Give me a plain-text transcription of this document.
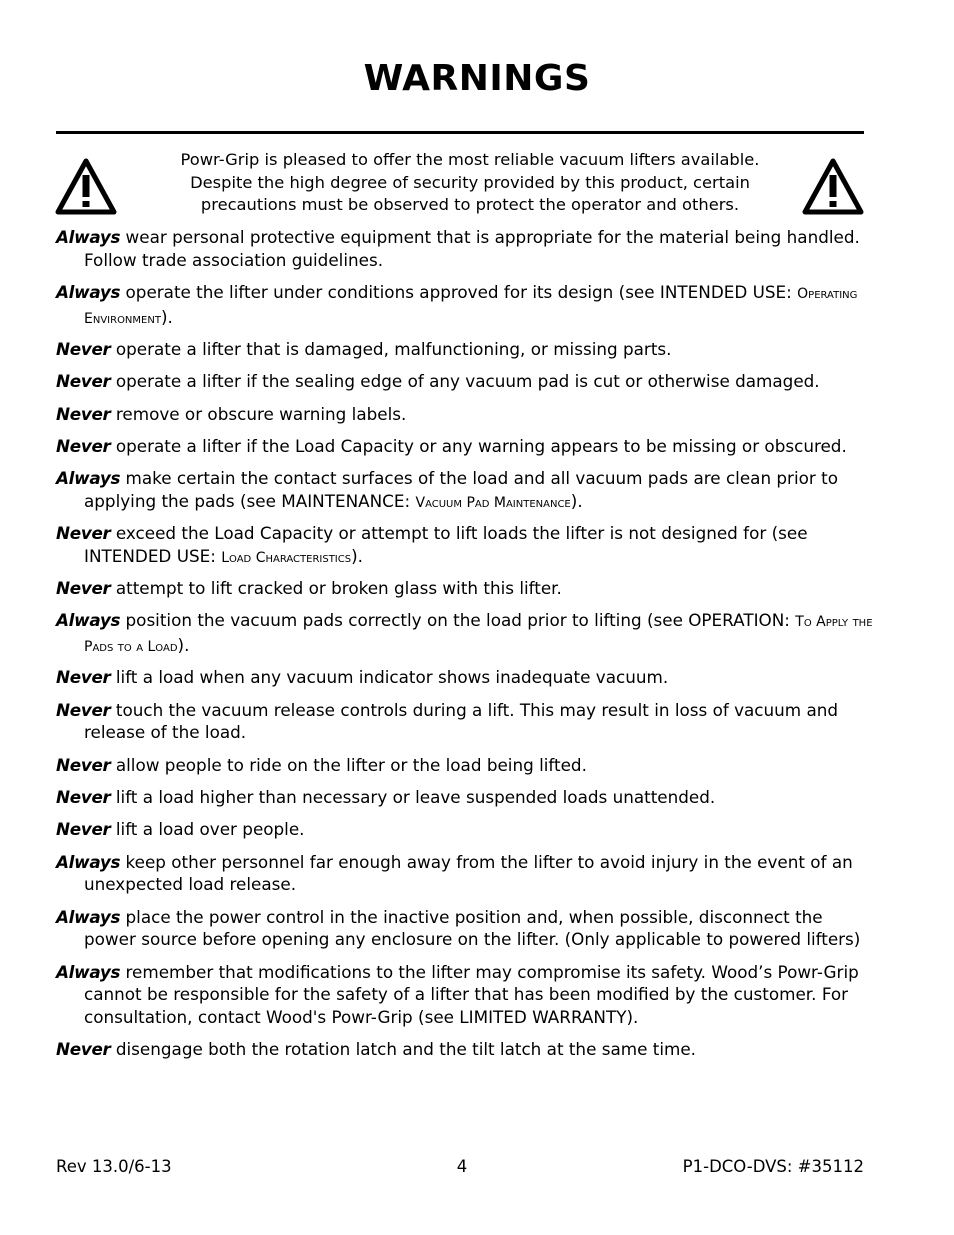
WARNINGS
Powr-Grip is pleased to offer the most reliable vacuum lifters available.
Despite the high degree of security provided by this product, certain
precautions must be observed to protect the operator and others.
Always wear personal protective equipment that is appropriate for the material being handled. Follow trade association guidelines.
Always operate the lifter under conditions approved for its design (see INTENDED USE: Operating Environment).
Never operate a lifter that is damaged, malfunctioning, or missing parts.
Never operate a lifter if the sealing edge of any vacuum pad is cut or otherwise damaged.
Never remove or obscure warning labels.
Never operate a lifter if the Load Capacity or any warning appears to be missing or obscured.
Always make certain the contact surfaces of the load and all vacuum pads are clean prior to applying the pads (see MAINTENANCE: Vacuum Pad Maintenance).
Never exceed the Load Capacity or attempt to lift loads the lifter is not designed for (see INTENDED USE: Load Characteristics).
Never attempt to lift cracked or broken glass with this lifter.
Always position the vacuum pads correctly on the load prior to lifting (see OPERATION: To Apply the Pads to a Load).
Never lift a load when any vacuum indicator shows inadequate vacuum.
Never touch the vacuum release controls during a lift. This may result in loss of vacuum and release of the load.
Never allow people to ride on the lifter or the load being lifted.
Never lift a load higher than necessary or leave suspended loads unattended.
Never lift a load over people.
Always keep other personnel far enough away from the lifter to avoid injury in the event of an unexpected load release.
Always place the power control in the inactive position and, when possible, disconnect the power source before opening any enclosure on the lifter. (Only applicable to powered lifters)
Always remember that modifications to the lifter may compromise its safety. Wood’s Powr-Grip cannot be responsible for the safety of a lifter that has been modified by the customer. For consultation, contact Wood's Powr-Grip (see LIMITED WARRANTY).
Never disengage both the rotation latch and the tilt latch at the same time.
Rev 13.0/6-13	4	P1-DCO-DVS: #35112
